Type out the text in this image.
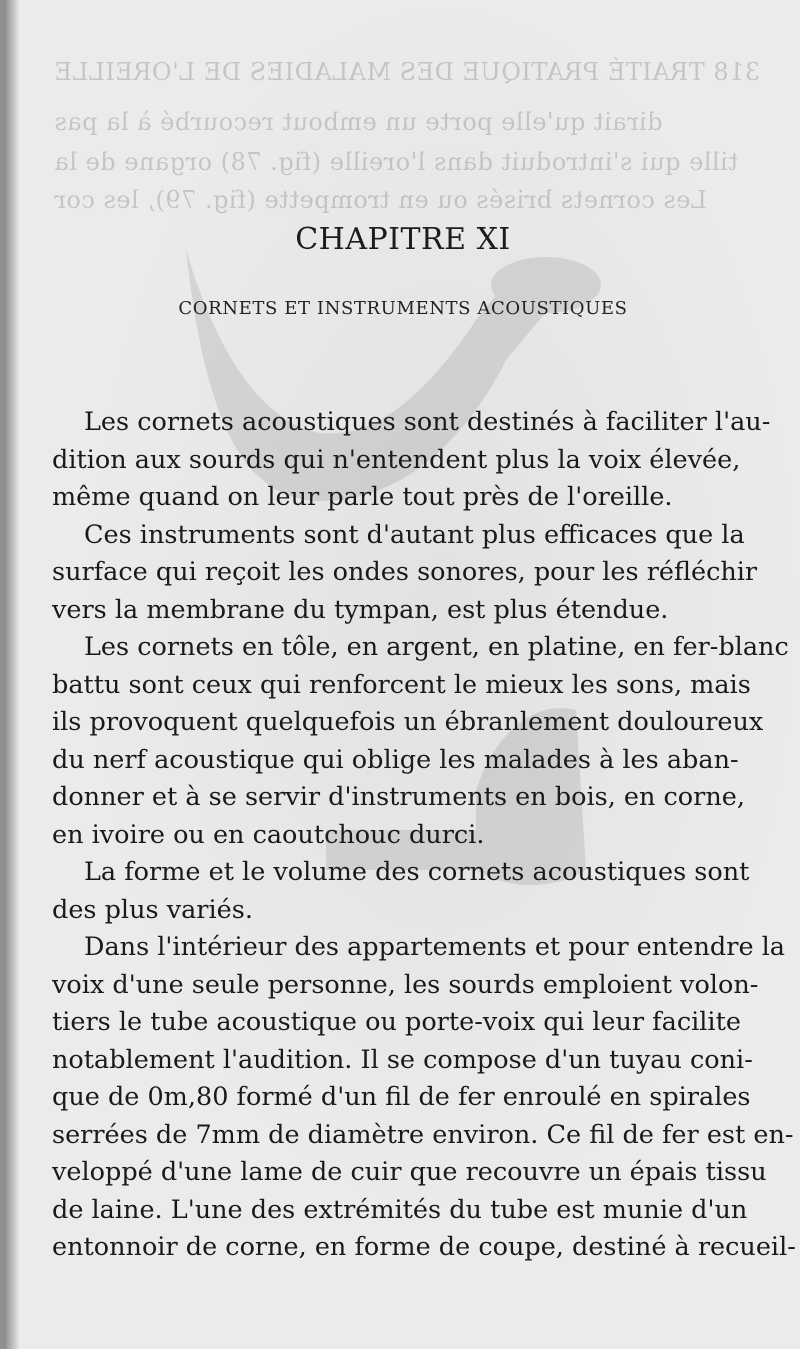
318 TRAITÉ PRATIQUE DES MALADIES DE L'OREILLE
dirait qu'elle porte un embout recourbé à la pas
tille qui s'introduit dans l'oreille (fig. 78) organe de la
Les cornets brisés ou en trompette (fig. 79), les cor
CHAPITRE XI
CORNETS ET INSTRUMENTS ACOUSTIQUES
Les cornets acoustiques sont destinés à faciliter l'au-
dition aux sourds qui n'entendent plus la voix élevée,
même quand on leur parle tout près de l'oreille.
Ces instruments sont d'autant plus efficaces que la
surface qui reçoit les ondes sonores, pour les réfléchir
vers la membrane du tympan, est plus étendue.
Les cornets en tôle, en argent, en platine, en fer-blanc
battu sont ceux qui renforcent le mieux les sons, mais
ils provoquent quelquefois un ébranlement douloureux
du nerf acoustique qui oblige les malades à les aban-
donner et à se servir d'instruments en bois, en corne,
en ivoire ou en caoutchouc durci.
La forme et le volume des cornets acoustiques sont
des plus variés.
Dans l'intérieur des appartements et pour entendre la
voix d'une seule personne, les sourds emploient volon-
tiers le tube acoustique ou porte-voix qui leur facilite
notablement l'audition. Il se compose d'un tuyau coni-
que de 0m,80 formé d'un fil de fer enroulé en spirales
serrées de 7mm de diamètre environ. Ce fil de fer est en-
veloppé d'une lame de cuir que recouvre un épais tissu
de laine. L'une des extrémités du tube est munie d'un
entonnoir de corne, en forme de coupe, destiné à recueil-
